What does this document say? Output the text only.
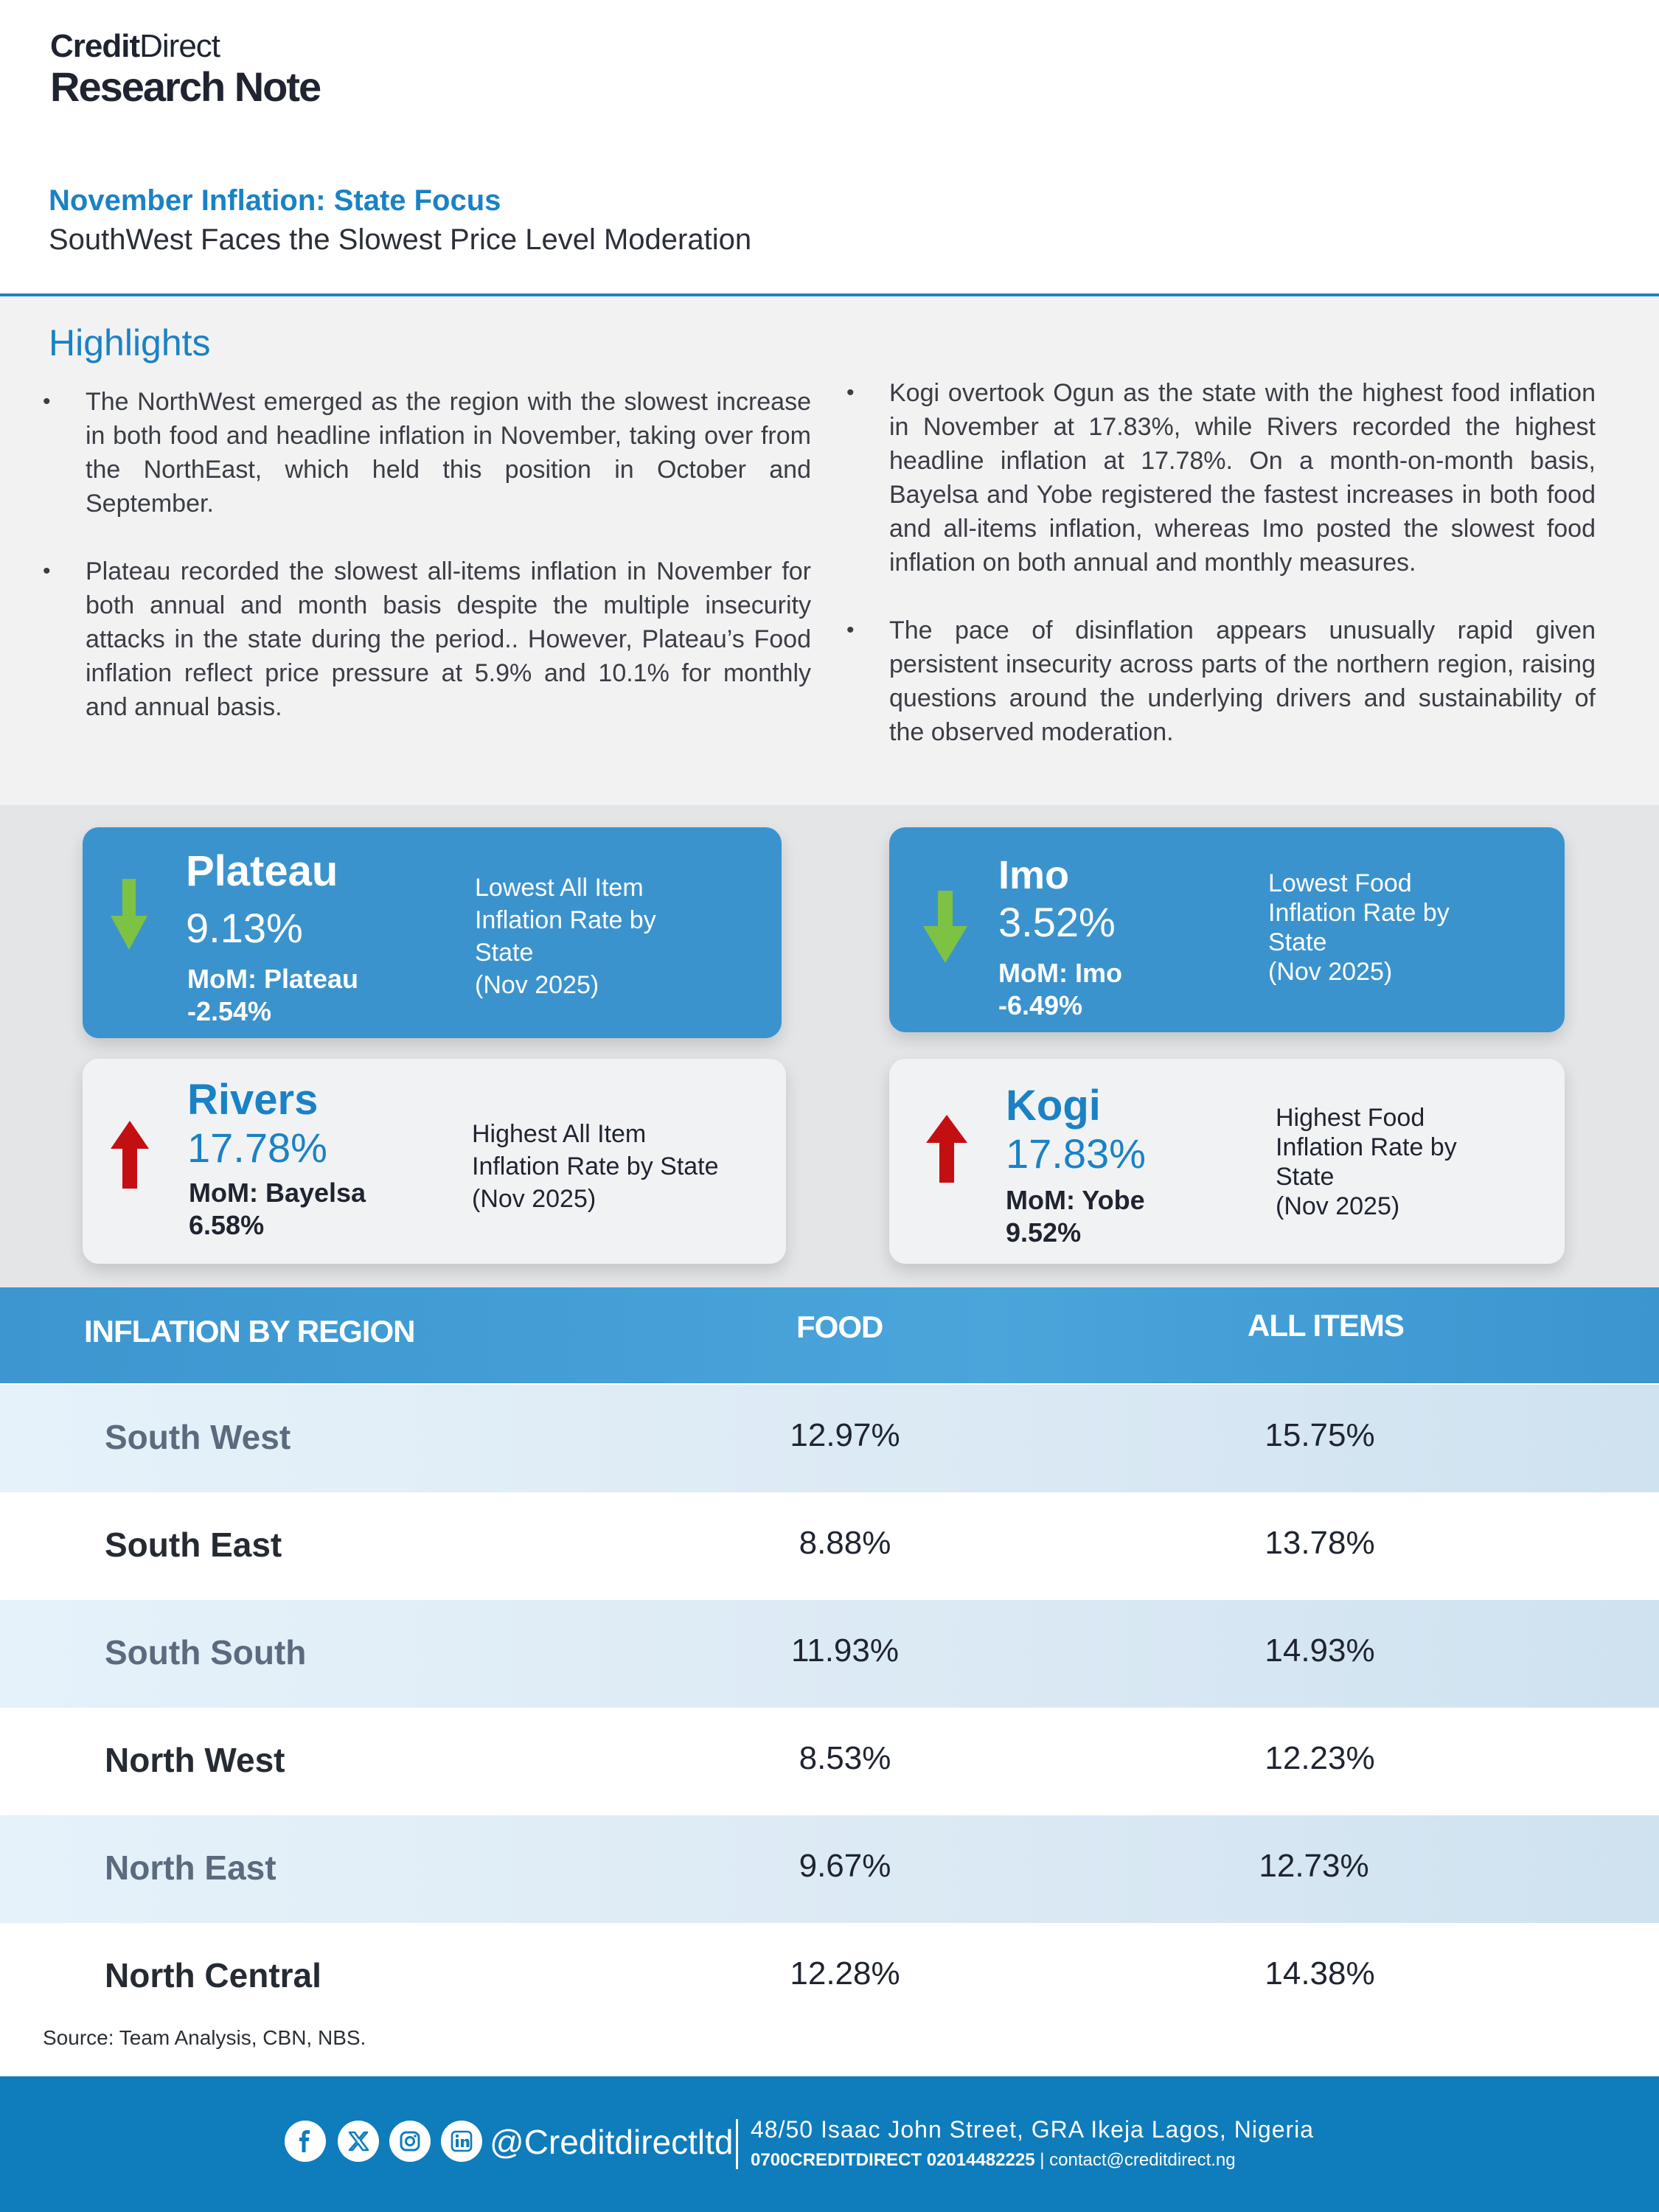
CreditDirect
Research Note
November Inflation: State Focus
SouthWest Faces the Slowest Price Level Moderation
Highlights
•	The NorthWest emerged as the region with the slowest increase in both food and headline inflation in November, taking over from the NorthEast, which held this position in October and September.
•	Plateau recorded the slowest all-items inflation in November for both annual and month basis despite the multiple insecurity attacks in the state during the period.. However, Plateau’s Food inflation reflect price pressure at 5.9% and 10.1% for monthly and annual basis.
•	Kogi overtook Ogun as the state with the highest food inflation in November at 17.83%, while Rivers recorded the highest headline inflation at 17.78%. On a month-on-month basis, Bayelsa and Yobe registered the fastest increases in both food and all-items inflation, whereas Imo posted the slowest food inflation on both annual and monthly measures.
•	The pace of disinflation appears unusually rapid given persistent insecurity across parts of the northern region, raising questions around the underlying drivers and sustainability of the observed moderation.
Plateau
9.13%
MoM: Plateau
-2.54%
Lowest All Item
Inflation Rate by
State
(Nov 2025)
Imo
3.52%
MoM: Imo
-6.49%
Lowest Food
Inflation Rate by
State
(Nov 2025)
Rivers
17.78%
MoM: Bayelsa
6.58%
Highest All Item
Inflation Rate by State
(Nov 2025)
Kogi
17.83%
MoM: Yobe
9.52%
Highest Food
Inflation Rate by
State
(Nov 2025)
INFLATION BY REGION	FOOD	ALL ITEMS
South West	12.97%	15.75%
South East	8.88%	13.78%
South South	11.93%	14.93%
North West	8.53%	12.23%
North East	9.67%	12.73%
North Central	12.28%	14.38%
Source: Team Analysis, CBN, NBS.
@Creditdirectltd 48/50 Isaac John Street, GRA Ikeja Lagos, Nigeria
0700CREDITDIRECT 02014482225 | contact@creditdirect.ng
